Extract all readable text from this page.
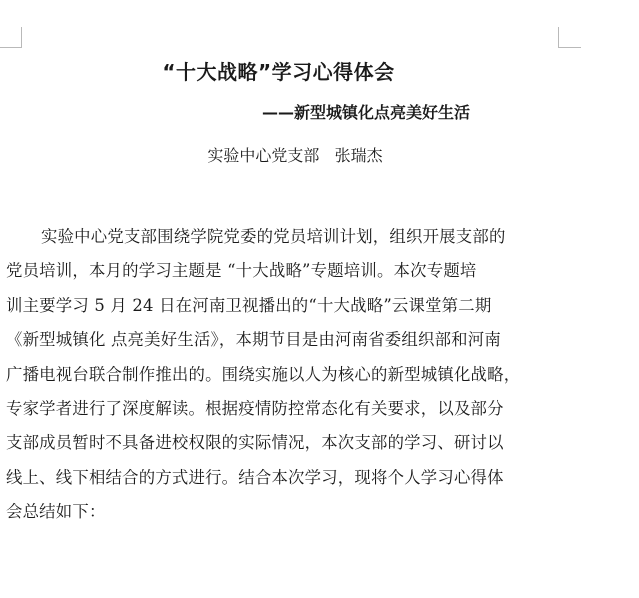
“十大战略”学习心得体会
——新型城镇化点亮美好生活
实验中心党支部   张瑞杰
实验中心党支部围绕学院党委的党员培训计划，组织开展支部的
党员培训，本月的学习主题是 “十大战略”专题培训。本次专题培
训主要学习 5 月 24 日在河南卫视播出的“十大战略”云课堂第二期
《新型城镇化 点亮美好生活》，本期节目是由河南省委组织部和河南
广播电视台联合制作推出的。围绕实施以人为核心的新型城镇化战略，
专家学者进行了深度解读。根据疫情防控常态化有关要求，以及部分
支部成员暂时不具备进校权限的实际情况，本次支部的学习、研讨以
线上、线下相结合的方式进行。结合本次学习，现将个人学习心得体
会总结如下：
